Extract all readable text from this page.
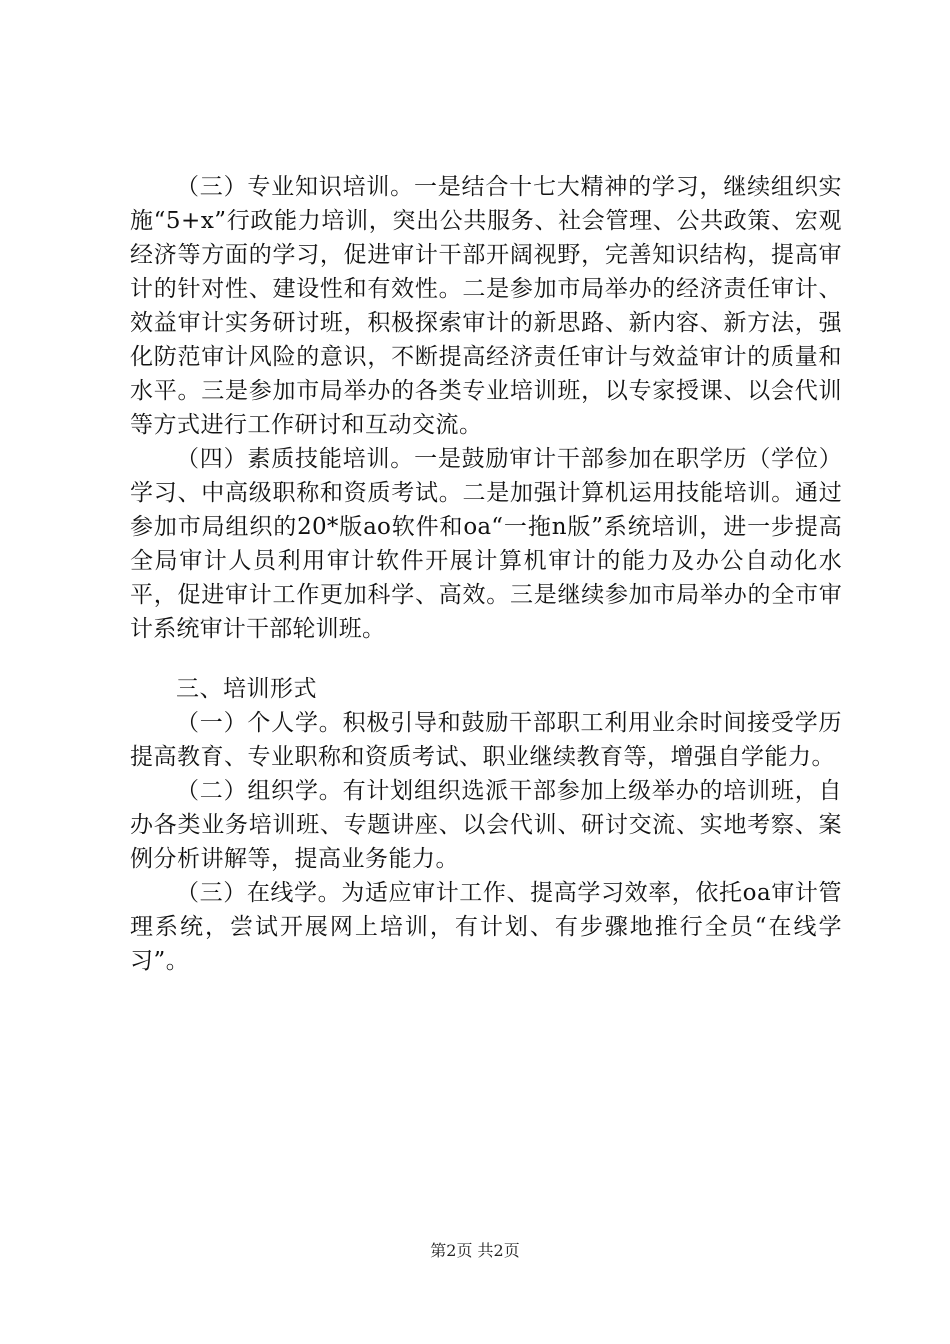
（三）专业知识培训。一是结合十七大精神的学习，继续组织实施“5+x”行政能力培训，突出公共服务、社会管理、公共政策、宏观经济等方面的学习，促进审计干部开阔视野，完善知识结构，提高审计的针对性、建设性和有效性。二是参加市局举办的经济责任审计、效益审计实务研讨班，积极探索审计的新思路、新内容、新方法，强化防范审计风险的意识，不断提高经济责任审计与效益审计的质量和水平。三是参加市局举办的各类专业培训班，以专家授课、以会代训等方式进行工作研讨和互动交流。

（四）素质技能培训。一是鼓励审计干部参加在职学历（学位）学习、中高级职称和资质考试。二是加强计算机运用技能培训。通过参加市局组织的20*版ao软件和oa“一拖n版”系统培训，进一步提高全局审计人员利用审计软件开展计算机审计的能力及办公自动化水平，促进审计工作更加科学、高效。三是继续参加市局举办的全市审计系统审计干部轮训班。

三、培训形式

（一）个人学。积极引导和鼓励干部职工利用业余时间接受学历提高教育、专业职称和资质考试、职业继续教育等，增强自学能力。

（二）组织学。有计划组织选派干部参加上级举办的培训班，自办各类业务培训班、专题讲座、以会代训、研讨交流、实地考察、案例分析讲解等，提高业务能力。

（三）在线学。为适应审计工作、提高学习效率，依托oa审计管理系统，尝试开展网上培训，有计划、有步骤地推行全员“在线学习”。

第2页 共2页
